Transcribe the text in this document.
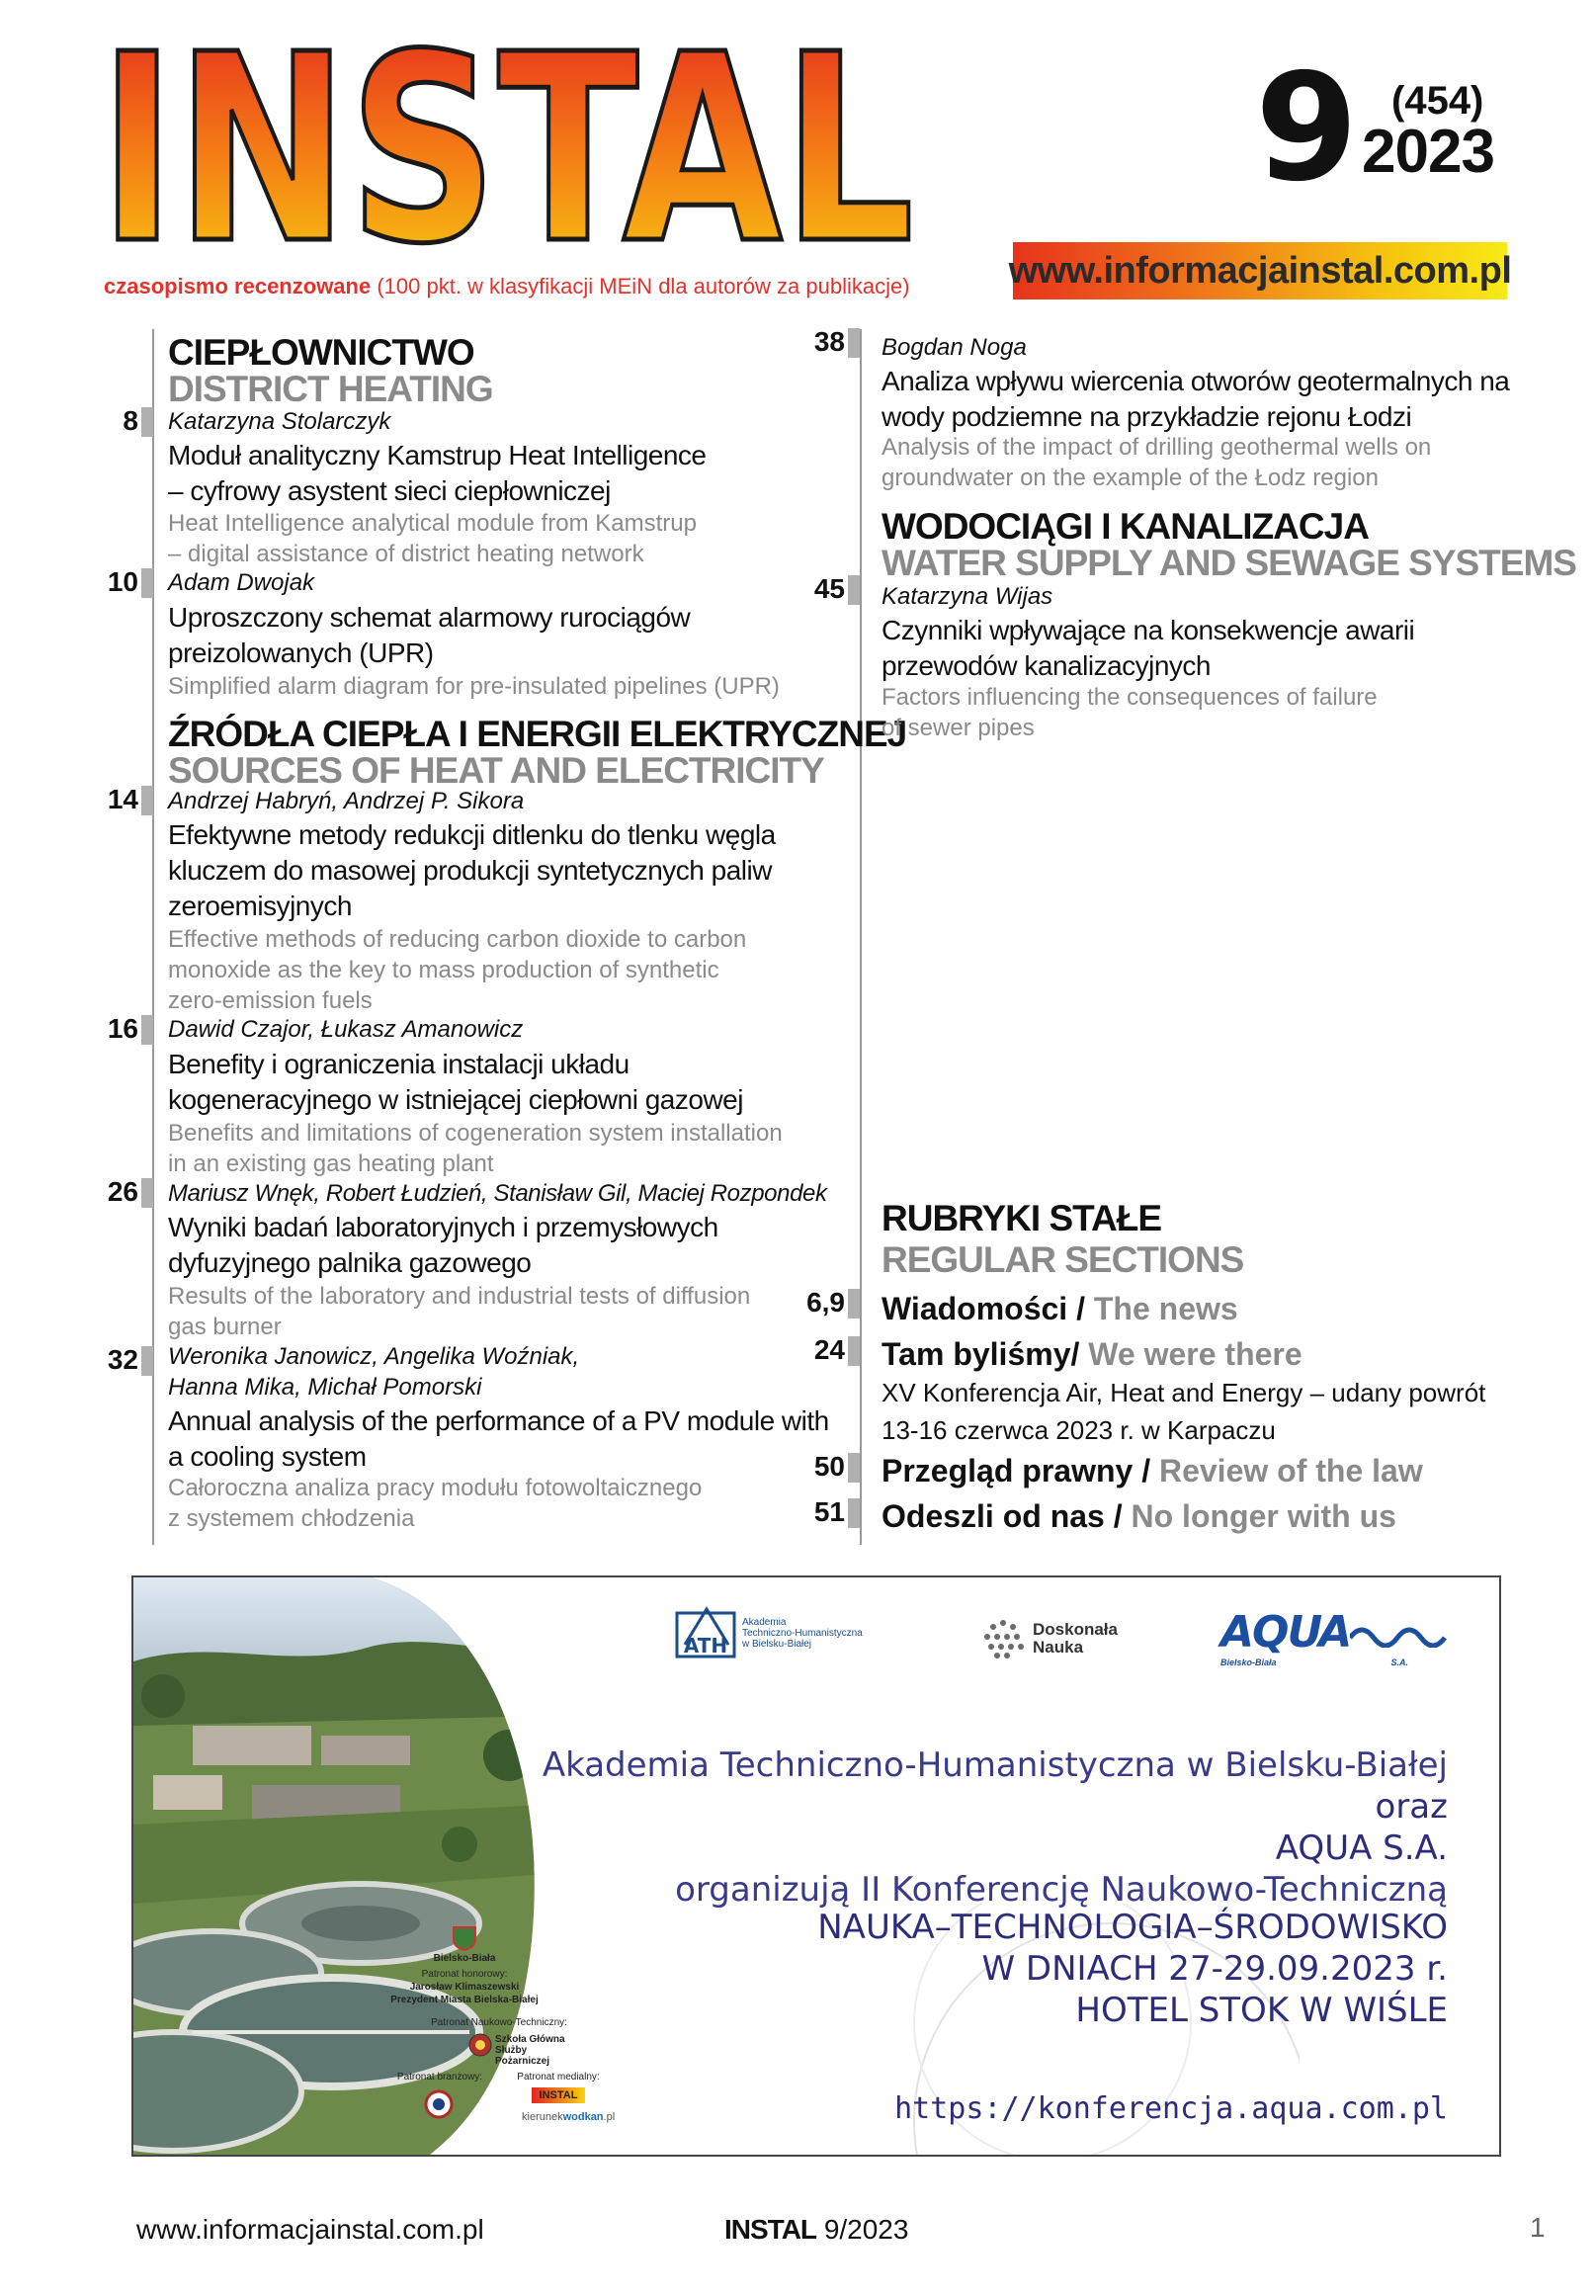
INSTAL 9 (454)
2023
www.informacjainstal.com.pl
czasopismo recenzowane (100 pkt. w klasyfikacji MEiN dla autorów za publikacje)
CIEPŁOWNICTWO
DISTRICT HEATING
8 Katarzyna Stolarczyk
Moduł analityczny Kamstrup Heat Intelligence
– cyfrowy asystent sieci ciepłowniczej
Heat Intelligence analytical module from Kamstrup
– digital assistance of district heating network
10 Adam Dwojak
Uproszczony schemat alarmowy rurociągów
preizolowanych (UPR)
Simplified alarm diagram for pre-insulated pipelines (UPR)
ŹRÓDŁA CIEPŁA I ENERGII ELEKTRYCZNEJ
SOURCES OF HEAT AND ELECTRICITY
14 Andrzej Habryń, Andrzej P. Sikora
Efektywne metody redukcji ditlenku do tlenku węgla
kluczem do masowej produkcji syntetycznych paliw
zeroemisyjnych
Effective methods of reducing carbon dioxide to carbon
monoxide as the key to mass production of synthetic
zero-emission fuels
16 Dawid Czajor, Łukasz Amanowicz
Benefity i ograniczenia instalacji układu
kogeneracyjnego w istniejącej ciepłowni gazowej
Benefits and limitations of cogeneration system installation
in an existing gas heating plant
26 Mariusz Wnęk, Robert Łudzień, Stanisław Gil, Maciej Rozpondek
Wyniki badań laboratoryjnych i przemysłowych
dyfuzyjnego palnika gazowego
Results of the laboratory and industrial tests of diffusion
gas burner
32 Weronika Janowicz, Angelika Woźniak,
Hanna Mika, Michał Pomorski
Annual analysis of the performance of a PV module with
a cooling system
Całoroczna analiza pracy modułu fotowoltaicznego
z systemem chłodzenia
38 Bogdan Noga
Analiza wpływu wiercenia otworów geotermalnych na
wody podziemne na przykładzie rejonu Łodzi
Analysis of the impact of drilling geothermal wells on
groundwater on the example of the Łodz region
WODOCIĄGI I KANALIZACJA
WATER SUPPLY AND SEWAGE SYSTEMS
45 Katarzyna Wijas
Czynniki wpływające na konsekwencje awarii
przewodów kanalizacyjnych
Factors influencing the consequences of failure
of sewer pipes
RUBRYKI STAŁE
REGULAR SECTIONS
6,9 Wiadomości / The news
24 Tam byliśmy/ We were there
XV Konferencja Air, Heat and Energy – udany powrót
13-16 czerwca 2023 r. w Karpaczu
50 Przegląd prawny / Review of the law
51 Odeszli od nas / No longer with us
ATH
Akademia
Techniczno-Humanistyczna
w Bielsku-Białej
Doskonała
Nauka	AQUA
Bielsko-Biała	S.A.
Akademia Techniczno-Humanistyczna w Bielsku-Białej
oraz
AQUA S.A.
organizują II Konferencję Naukowo-Techniczną
NAUKA–TECHNOLOGIA–ŚRODOWISKO
W DNIACH 27-29.09.2023 r.
HOTEL STOK W WIŚLE
https://konferencja.aqua.com.pl
Bielsko-Biała
Patronat honorowy:
Jarosław Klimaszewski
Prezydent Miasta Bielska-Białej
Patronat Naukowo-Techniczny:
Szkoła Główna
Służby Pożarniczej
Patronat branżowy:	Patronat medialny:
INSTAL
kierunekwodkan.pl
www.informacjainstal.com.pl	INSTAL 9/2023	1
